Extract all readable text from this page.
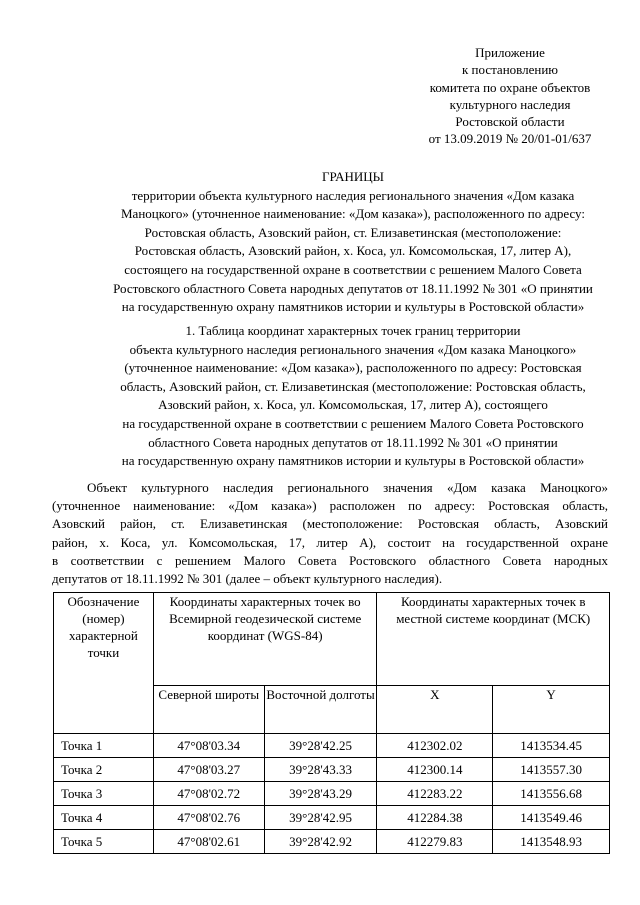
Приложение
к постановлению
комитета по охране объектов
культурного наследия
Ростовской области
от 13.09.2019 № 20/01-01/637
ГРАНИЦЫ
территории объекта культурного наследия регионального значения «Дом казака
Маноцкого» (уточненное наименование: «Дом казака»), расположенного по адресу:
Ростовская область, Азовский район, ст. Елизаветинская (местоположение:
Ростовская область, Азовский район, х. Коса, ул. Комсомольская, 17, литер А),
состоящего на государственной охране в соответствии с решением Малого Совета
Ростовского областного Совета народных депутатов от 18.11.1992 № 301 «О принятии
на государственную охрану памятников истории и культуры в Ростовской области»
1. Таблица координат характерных точек границ территории
объекта культурного наследия регионального значения «Дом казака Маноцкого»
(уточненное наименование: «Дом казака»), расположенного по адресу: Ростовская
область, Азовский район, ст. Елизаветинская (местоположение: Ростовская область,
Азовский район, х. Коса, ул. Комсомольская, 17, литер А), состоящего
на государственной охране в соответствии с решением Малого Совета Ростовского
областного Совета народных депутатов от 18.11.1992 № 301 «О принятии
на государственную охрану памятников истории и культуры в Ростовской области»
Объект культурного наследия регионального значения «Дом казака Маноцкого»
(уточненное наименование: «Дом казака») расположен по адресу: Ростовская область,
Азовский район, ст. Елизаветинская (местоположение: Ростовская область, Азовский
район, х. Коса, ул. Комсомольская, 17, литер А), состоит на государственной охране
в соответствии с решением Малого Совета Ростовского областного Совета народных
депутатов от 18.11.1992 № 301 (далее – объект культурного наследия).
Обозначение (номер) характерной точки	Координаты характерных точек во Всемирной геодезической системе координат (WGS-84)		Координаты характерных точек в местной системе координат (МСК)	
	Северной широты	Восточной долготы	X	Y
Точка 1	47°08'03.34	39°28'42.25	412302.02	1413534.45
Точка 2	47°08'03.27	39°28'43.33	412300.14	1413557.30
Точка 3	47°08'02.72	39°28'43.29	412283.22	1413556.68
Точка 4	47°08'02.76	39°28'42.95	412284.38	1413549.46
Точка 5	47°08'02.61	39°28'42.92	412279.83	1413548.93
